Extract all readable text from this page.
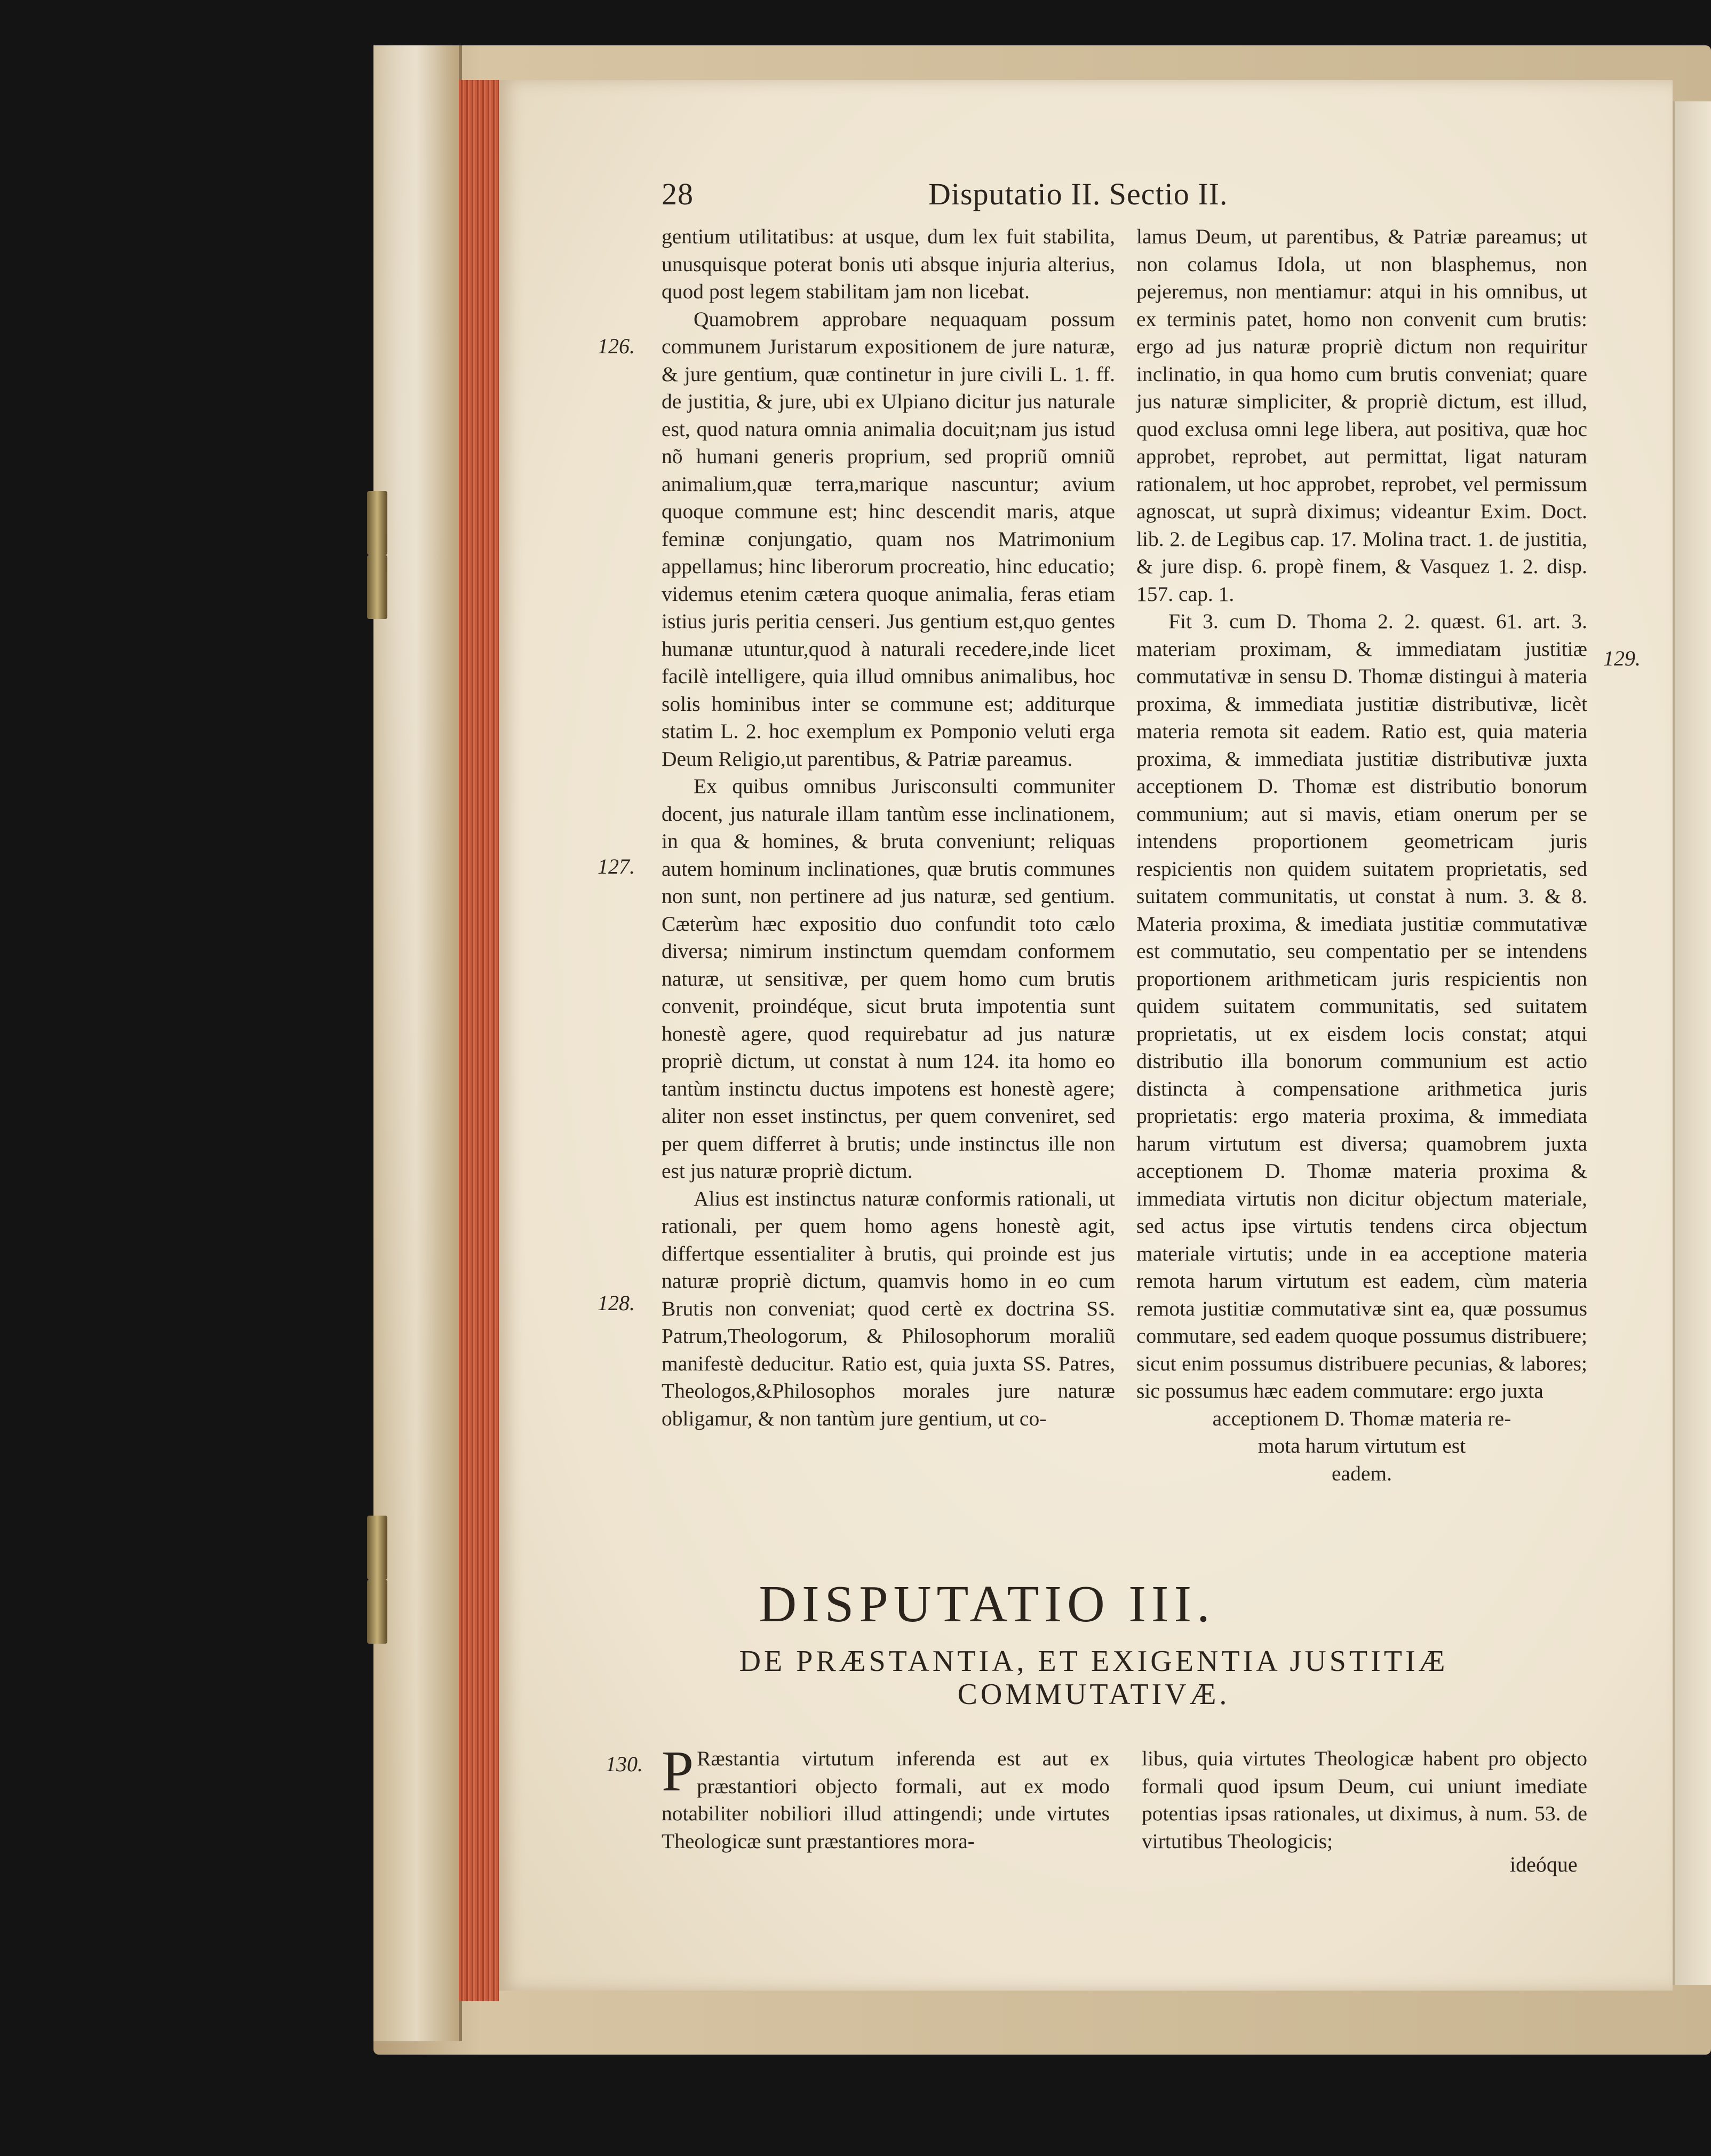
28	Disputatio II. Sectio II.

gentium utilitatibus: at usque, dum lex fuit stabilita, unusquisque poterat bonis uti absque injuria alterius, quod post legem stabilitam jam non licebat.

Quamobrem approbare nequaquam possum communem Juristarum expositionem de jure naturæ, & jure gentium, quæ continetur in jure civili L. 1. ff. de justitia, & jure, ubi ex Ulpiano dicitur jus naturale est, quod natura omnia animalia docuit;nam jus istud nõ humani generis proprium, sed propriũ omniũ animalium,quæ terra,marique nascuntur; avium quoque commune est; hinc descendit maris, atque feminæ conjungatio, quam nos Matrimonium appellamus; hinc liberorum procreatio, hinc educatio; videmus etenim cætera quoque animalia, feras etiam istius juris peritia censeri. Jus gentium est,quo gentes humanæ utuntur,quod à naturali recedere,inde licet facilè intelligere, quia illud omnibus animalibus, hoc solis hominibus inter se commune est; additurque statim L. 2. hoc exemplum ex Pomponio veluti erga Deum Religio,ut parentibus, & Patriæ pareamus.

Ex quibus omnibus Jurisconsulti communiter docent, jus naturale illam tantùm esse inclinationem, in qua & homines, & bruta conveniunt; reliquas autem hominum inclinationes, quæ brutis communes non sunt, non pertinere ad jus naturæ, sed gentium. Cæterùm hæc expositio duo confundit toto cælo diversa; nimirum instinctum quemdam conformem naturæ, ut sensitivæ, per quem homo cum brutis convenit, proindéque, sicut bruta impotentia sunt honestè agere, quod requirebatur ad jus naturæ propriè dictum, ut constat à num 124. ita homo eo tantùm instinctu ductus impotens est honestè agere; aliter non esset instinctus, per quem conveniret, sed per quem differret à brutis; unde instinctus ille non est jus naturæ propriè dictum.

Alius est instinctus naturæ conformis rationali, ut rationali, per quem homo agens honestè agit, differtque essentialiter à brutis, qui proinde est jus naturæ propriè dictum, quamvis homo in eo cum Brutis non conveniat; quod certè ex doctrina SS. Patrum,Theologorum, & Philosophorum moraliũ manifestè deducitur. Ratio est, quia juxta SS. Patres, Theologos,&Philosophos morales jure naturæ obligamur, & non tantùm jure gentium, ut co-

126.
127.
128.

lamus Deum, ut parentibus, & Patriæ pareamus; ut non colamus Idola, ut non blasphemus, non pejeremus, non mentiamur: atqui in his omnibus, ut ex terminis patet, homo non convenit cum brutis: ergo ad jus naturæ propriè dictum non requiritur inclinatio, in qua homo cum brutis conveniat; quare jus naturæ simpliciter, & propriè dictum, est illud, quod exclusa omni lege libera, aut positiva, quæ hoc approbet, reprobet, aut permittat, ligat naturam rationalem, ut hoc approbet, reprobet, vel permissum agnoscat, ut suprà diximus; videantur Exim. Doct. lib. 2. de Legibus cap. 17. Molina tract. 1. de justitia, & jure disp. 6. propè finem, & Vasquez 1. 2. disp. 157. cap. 1.

Fit 3. cum D. Thoma 2. 2. quæst. 61. art. 3. materiam proximam, & immediatam justitiæ commutativæ in sensu D. Thomæ distingui à materia proxima, & immediata justitiæ distributivæ, licèt materia remota sit eadem. Ratio est, quia materia proxima, & immediata justitiæ distributivæ juxta acceptionem D. Thomæ est distributio bonorum communium; aut si mavis, etiam onerum per se intendens proportionem geometricam juris respicientis non quidem suitatem proprietatis, sed suitatem communitatis, ut constat à num. 3. & 8. Materia proxima, & imediata justitiæ commutativæ est commutatio, seu compentatio per se intendens proportionem arithmeticam juris respicientis non quidem suitatem communitatis, sed suitatem proprietatis, ut ex eisdem locis constat; atqui distributio illa bonorum communium est actio distincta à compensatione arithmetica juris proprietatis: ergo materia proxima, & immediata harum virtutum est diversa; quamobrem juxta acceptionem D. Thomæ materia proxima & immediata virtutis non dicitur objectum materiale, sed actus ipse virtutis tendens circa objectum materiale virtutis; unde in ea acceptione materia remota harum virtutum est eadem, cùm materia remota justitiæ commutativæ sint ea, quæ possumus commutare, sed eadem quoque possumus distribuere; sicut enim possumus distribuere pecunias, & labores; sic possumus hæc eadem commutare: ergo juxta

acceptionem D. Thomæ materia re-

mota harum virtutum est

eadem.

129.
DISPUTATIO III.
DE PRÆSTANTIA, ET EXIGENTIA JUSTITIÆ
COMMUTATIVÆ.
130. P Ræstantia virtutum inferenda est aut ex præstantiori objecto formali, aut ex modo notabiliter nobiliori illud attingendi; unde virtutes Theologicæ sunt præstantiores mora-

libus, quia virtutes Theologicæ habent pro objecto formali quod ipsum Deum, cui uniunt imediate potentias ipsas rationales, ut diximus, à num. 53. de virtutibus Theologicis;

ideóque
